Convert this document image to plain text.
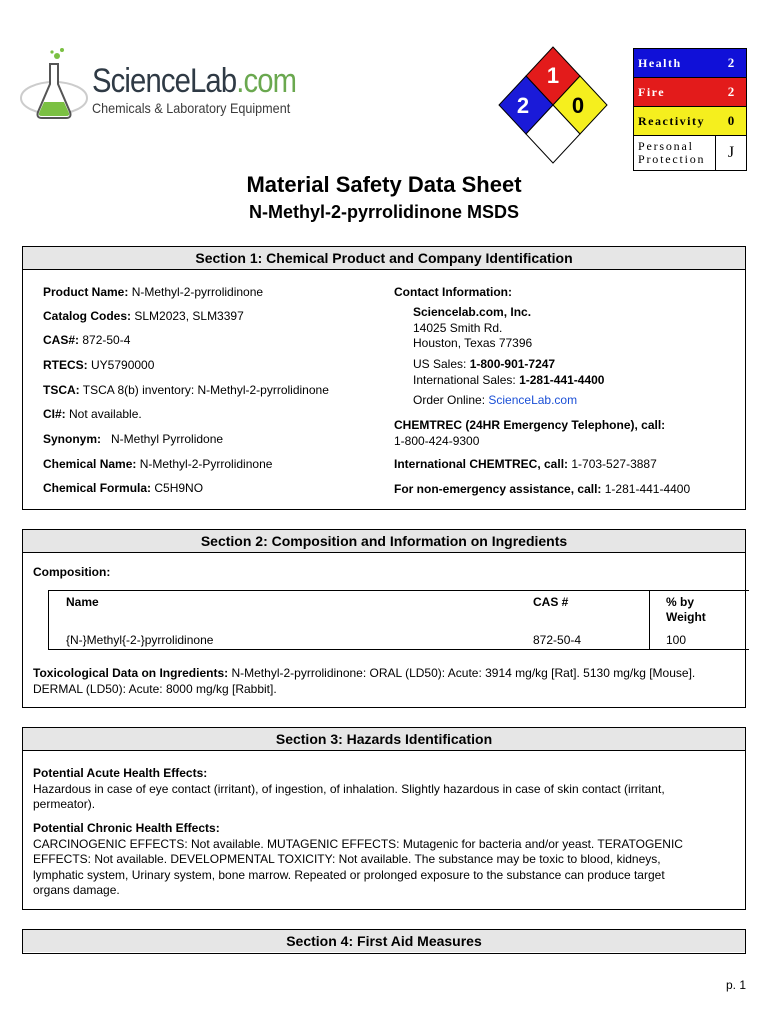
ScienceLab.com
Chemicals & Laboratory Equipment
1
2 0
Health	2
Fire	2
Reactivity	0
Personal
Protection	J
Material Safety Data Sheet
N-Methyl-2-pyrrolidinone MSDS
Section 1: Chemical Product and Company Identification
Product Name: N-Methyl-2-pyrrolidinone
Catalog Codes: SLM2023, SLM3397
CAS#: 872-50-4
RTECS: UY5790000
TSCA: TSCA 8(b) inventory: N-Methyl-2-pyrrolidinone
CI#: Not available.
Synonym:   N-Methyl Pyrrolidone
Chemical Name: N-Methyl-2-Pyrrolidinone
Chemical Formula: C5H9NO
Contact Information:
Sciencelab.com, Inc.
14025 Smith Rd.
Houston, Texas 77396
US Sales: 1-800-901-7247
International Sales: 1-281-441-4400
Order Online: ScienceLab.com
CHEMTREC (24HR Emergency Telephone), call:
1-800-424-9300
International CHEMTREC, call: 1-703-527-3887
For non-emergency assistance, call: 1-281-441-4400
Section 2: Composition and Information on Ingredients
Composition:
Name	CAS #	% by
Weight
{N-}Methyl{-2-}pyrrolidinone	872-50-4	100
Toxicological Data on Ingredients: N-Methyl-2-pyrrolidinone: ORAL (LD50): Acute: 3914 mg/kg [Rat]. 5130 mg/kg [Mouse].
DERMAL (LD50): Acute: 8000 mg/kg [Rabbit].
Section 3: Hazards Identification
Potential Acute Health Effects:
Hazardous in case of eye contact (irritant), of ingestion, of inhalation. Slightly hazardous in case of skin contact (irritant,
permeator).
Potential Chronic Health Effects:
CARCINOGENIC EFFECTS: Not available. MUTAGENIC EFFECTS: Mutagenic for bacteria and/or yeast. TERATOGENIC
EFFECTS: Not available. DEVELOPMENTAL TOXICITY: Not available. The substance may be toxic to blood, kidneys,
lymphatic system, Urinary system, bone marrow. Repeated or prolonged exposure to the substance can produce target
organs damage.
Section 4: First Aid Measures
p. 1
